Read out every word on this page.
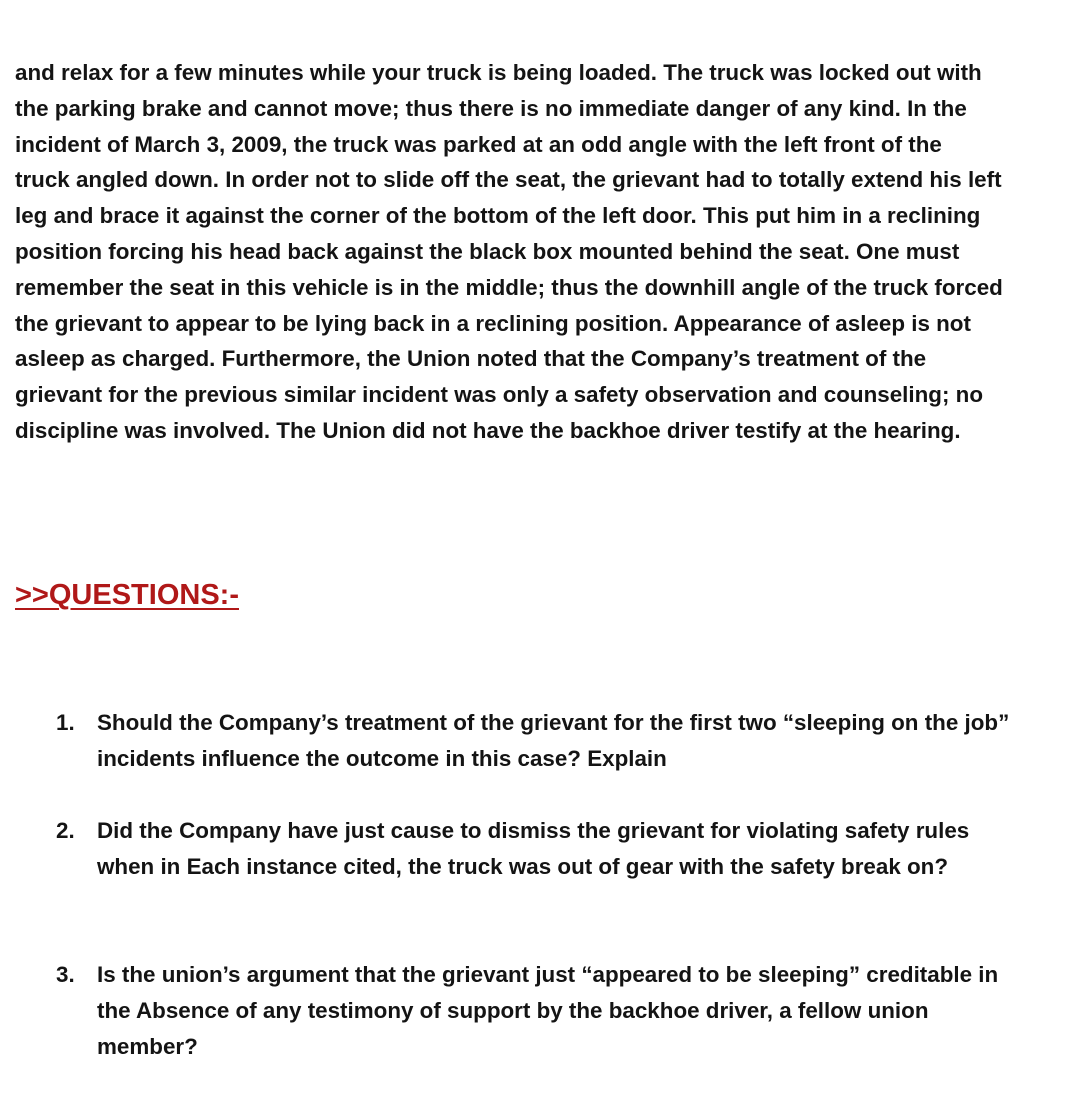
and relax for a few minutes while your truck is being loaded. The truck was locked out with
the parking brake and cannot move; thus there is no immediate danger of any kind. In the
incident of March 3, 2009, the truck was parked at an odd angle with the left front of the
truck angled down. In order not to slide off the seat, the grievant had to totally extend his left
leg and brace it against the corner of the bottom of the left door. This put him in a reclining
position forcing his head back against the black box mounted behind the seat. One must
remember the seat in this vehicle is in the middle; thus the downhill angle of the truck forced
the grievant to appear to be lying back in a reclining position. Appearance of asleep is not
asleep as charged. Furthermore, the Union noted that the Company’s treatment of the
grievant for the previous similar incident was only a safety observation and counseling; no
discipline was involved. The Union did not have the backhoe driver testify at the hearing.

>>QUESTIONS:-
1. Should the Company’s treatment of the grievant for the first two “sleeping on the job”
incidents influence the outcome in this case? Explain
2. Did the Company have just cause to dismiss the grievant for violating safety rules
when in Each instance cited, the truck was out of gear with the safety break on?
3. Is the union’s argument that the grievant just “appeared to be sleeping” creditable in
the Absence of any testimony of support by the backhoe driver, a fellow union
member?
